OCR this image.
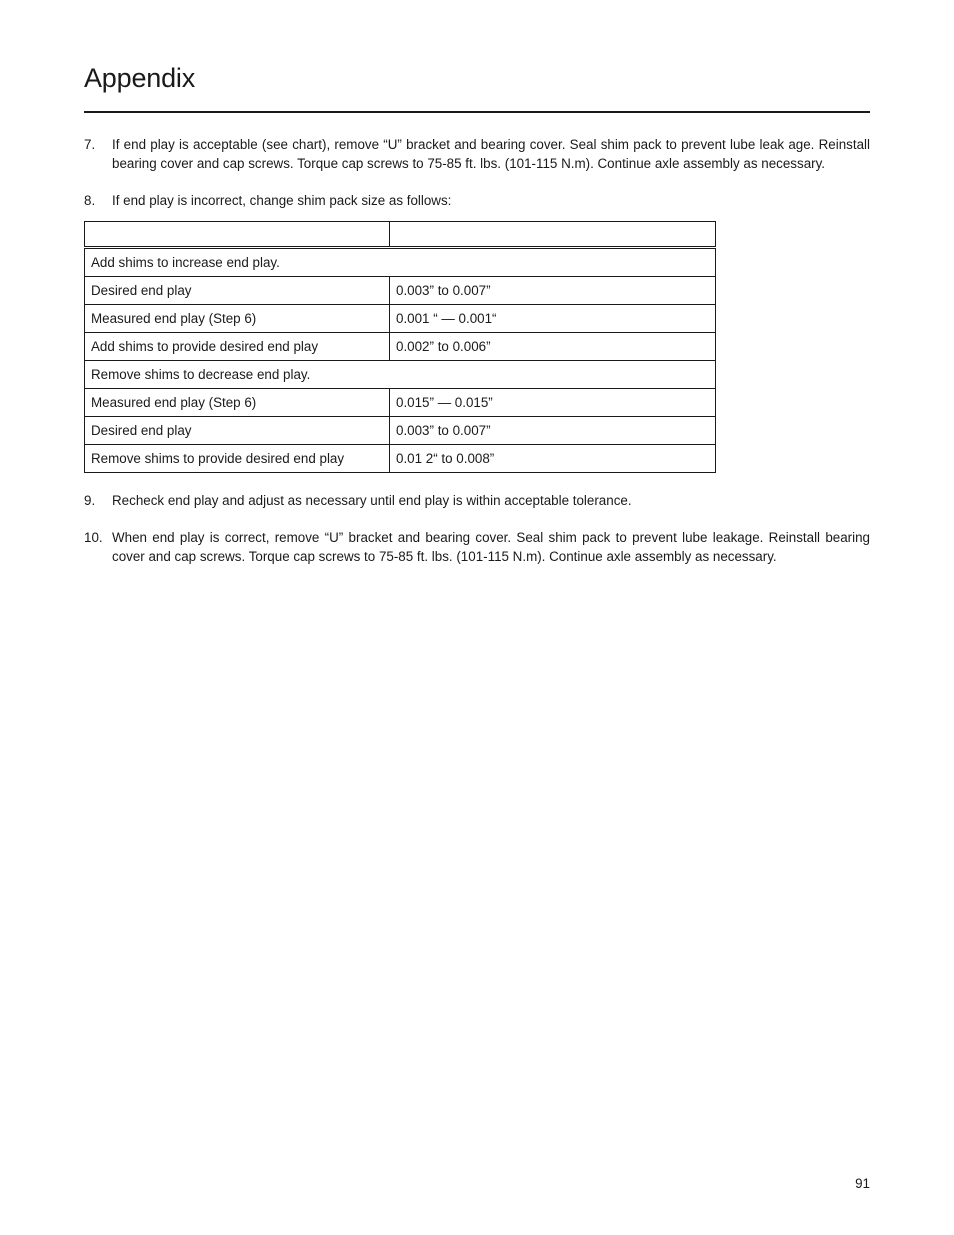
Appendix
7.	If end play is acceptable (see chart), remove “U” bracket and bearing cover. Seal shim pack to prevent lube leak age. Reinstall bearing cover and cap screws. Torque cap screws to 75-85 ft. lbs. (101-115 N.m). Continue axle assembly as necessary.
8.	If end play is incorrect, change shim pack size as follows:

Add shims to increase end play.	
Desired end play	0.003” to 0.007”
Measured end play (Step 6)	0.001 “ — 0.001“
Add shims to provide desired end play	0.002” to 0.006”
Remove shims to decrease end play.	
Measured end play (Step 6)	0.015” — 0.015”
Desired end play	0.003” to 0.007”
Remove shims to provide desired end play	0.01 2“ to 0.008”
9.	Recheck end play and adjust as necessary until end play is within acceptable tolerance.
10. When end play is correct, remove “U” bracket and bearing cover. Seal shim pack to prevent lube leakage. Reinstall bearing cover and cap screws. Torque cap screws to 75-85 ft. lbs. (101-115 N.m). Continue axle assembly as necessary.
91
